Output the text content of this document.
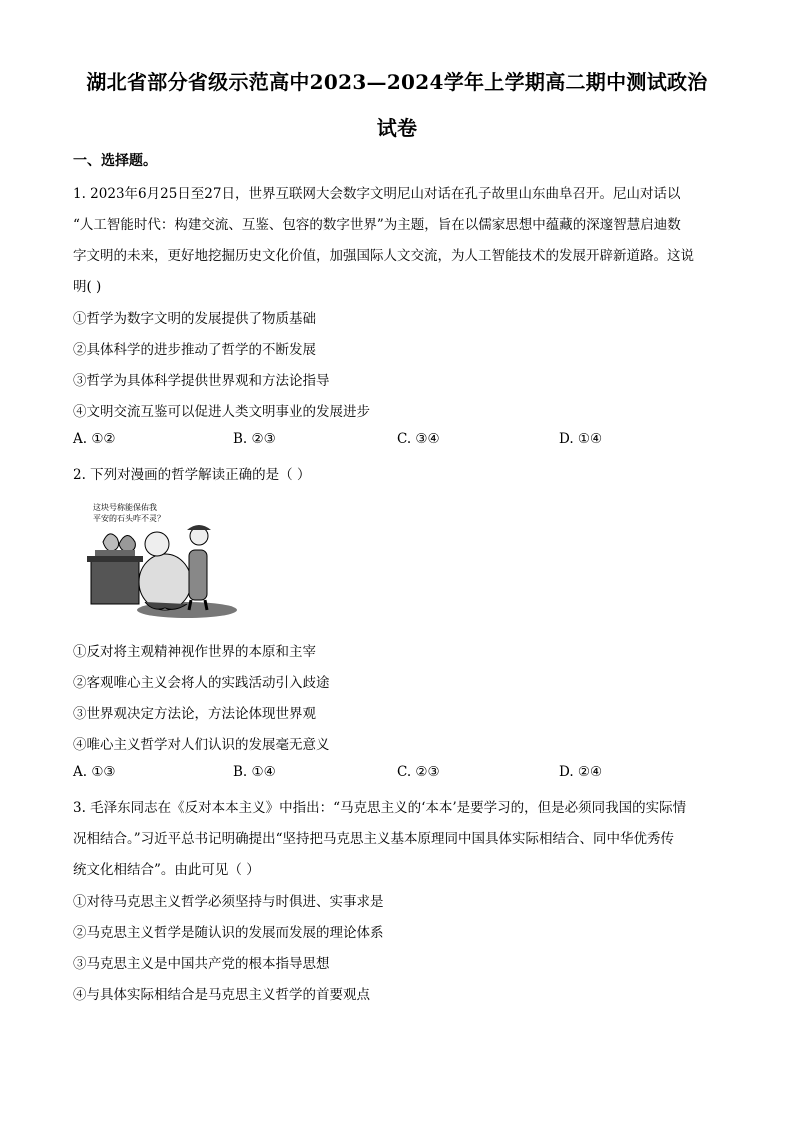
湖北省部分省级示范高中2023—2024学年上学期高二期中测试政治
试卷
一、选择题。
1. 2023年6月25日至27日，世界互联网大会数字文明尼山对话在孔子故里山东曲阜召开。尼山对话以
“人工智能时代：构建交流、互鉴、包容的数字世界”为主题，旨在以儒家思想中蕴藏的深邃智慧启迪数
字文明的未来，更好地挖掘历史文化价值，加强国际人文交流，为人工智能技术的发展开辟新道路。这说
明( )
①哲学为数字文明的发展提供了物质基础
②具体科学的进步推动了哲学的不断发展
③哲学为具体科学提供世界观和方法论指导
④文明交流互鉴可以促进人类文明事业的发展进步
A. ①②	B. ②③	C. ③④	D. ①④
2. 下列对漫画的哲学解读正确的是（ ）
这块号称能保佑我
平安的石头咋不灵？
①反对将主观精神视作世界的本原和主宰
②客观唯心主义会将人的实践活动引入歧途
③世界观决定方法论，方法论体现世界观
④唯心主义哲学对人们认识的发展毫无意义
A. ①③	B. ①④	C. ②③	D. ②④
3. 毛泽东同志在《反对本本主义》中指出：“马克思主义的‘本本’是要学习的，但是必须同我国的实际情
况相结合。”习近平总书记明确提出“坚持把马克思主义基本原理同中国具体实际相结合、同中华优秀传
统文化相结合”。由此可见（ ）
①对待马克思主义哲学必须坚持与时俱进、实事求是
②马克思主义哲学是随认识的发展而发展的理论体系
③马克思主义是中国共产党的根本指导思想
④与具体实际相结合是马克思主义哲学的首要观点
